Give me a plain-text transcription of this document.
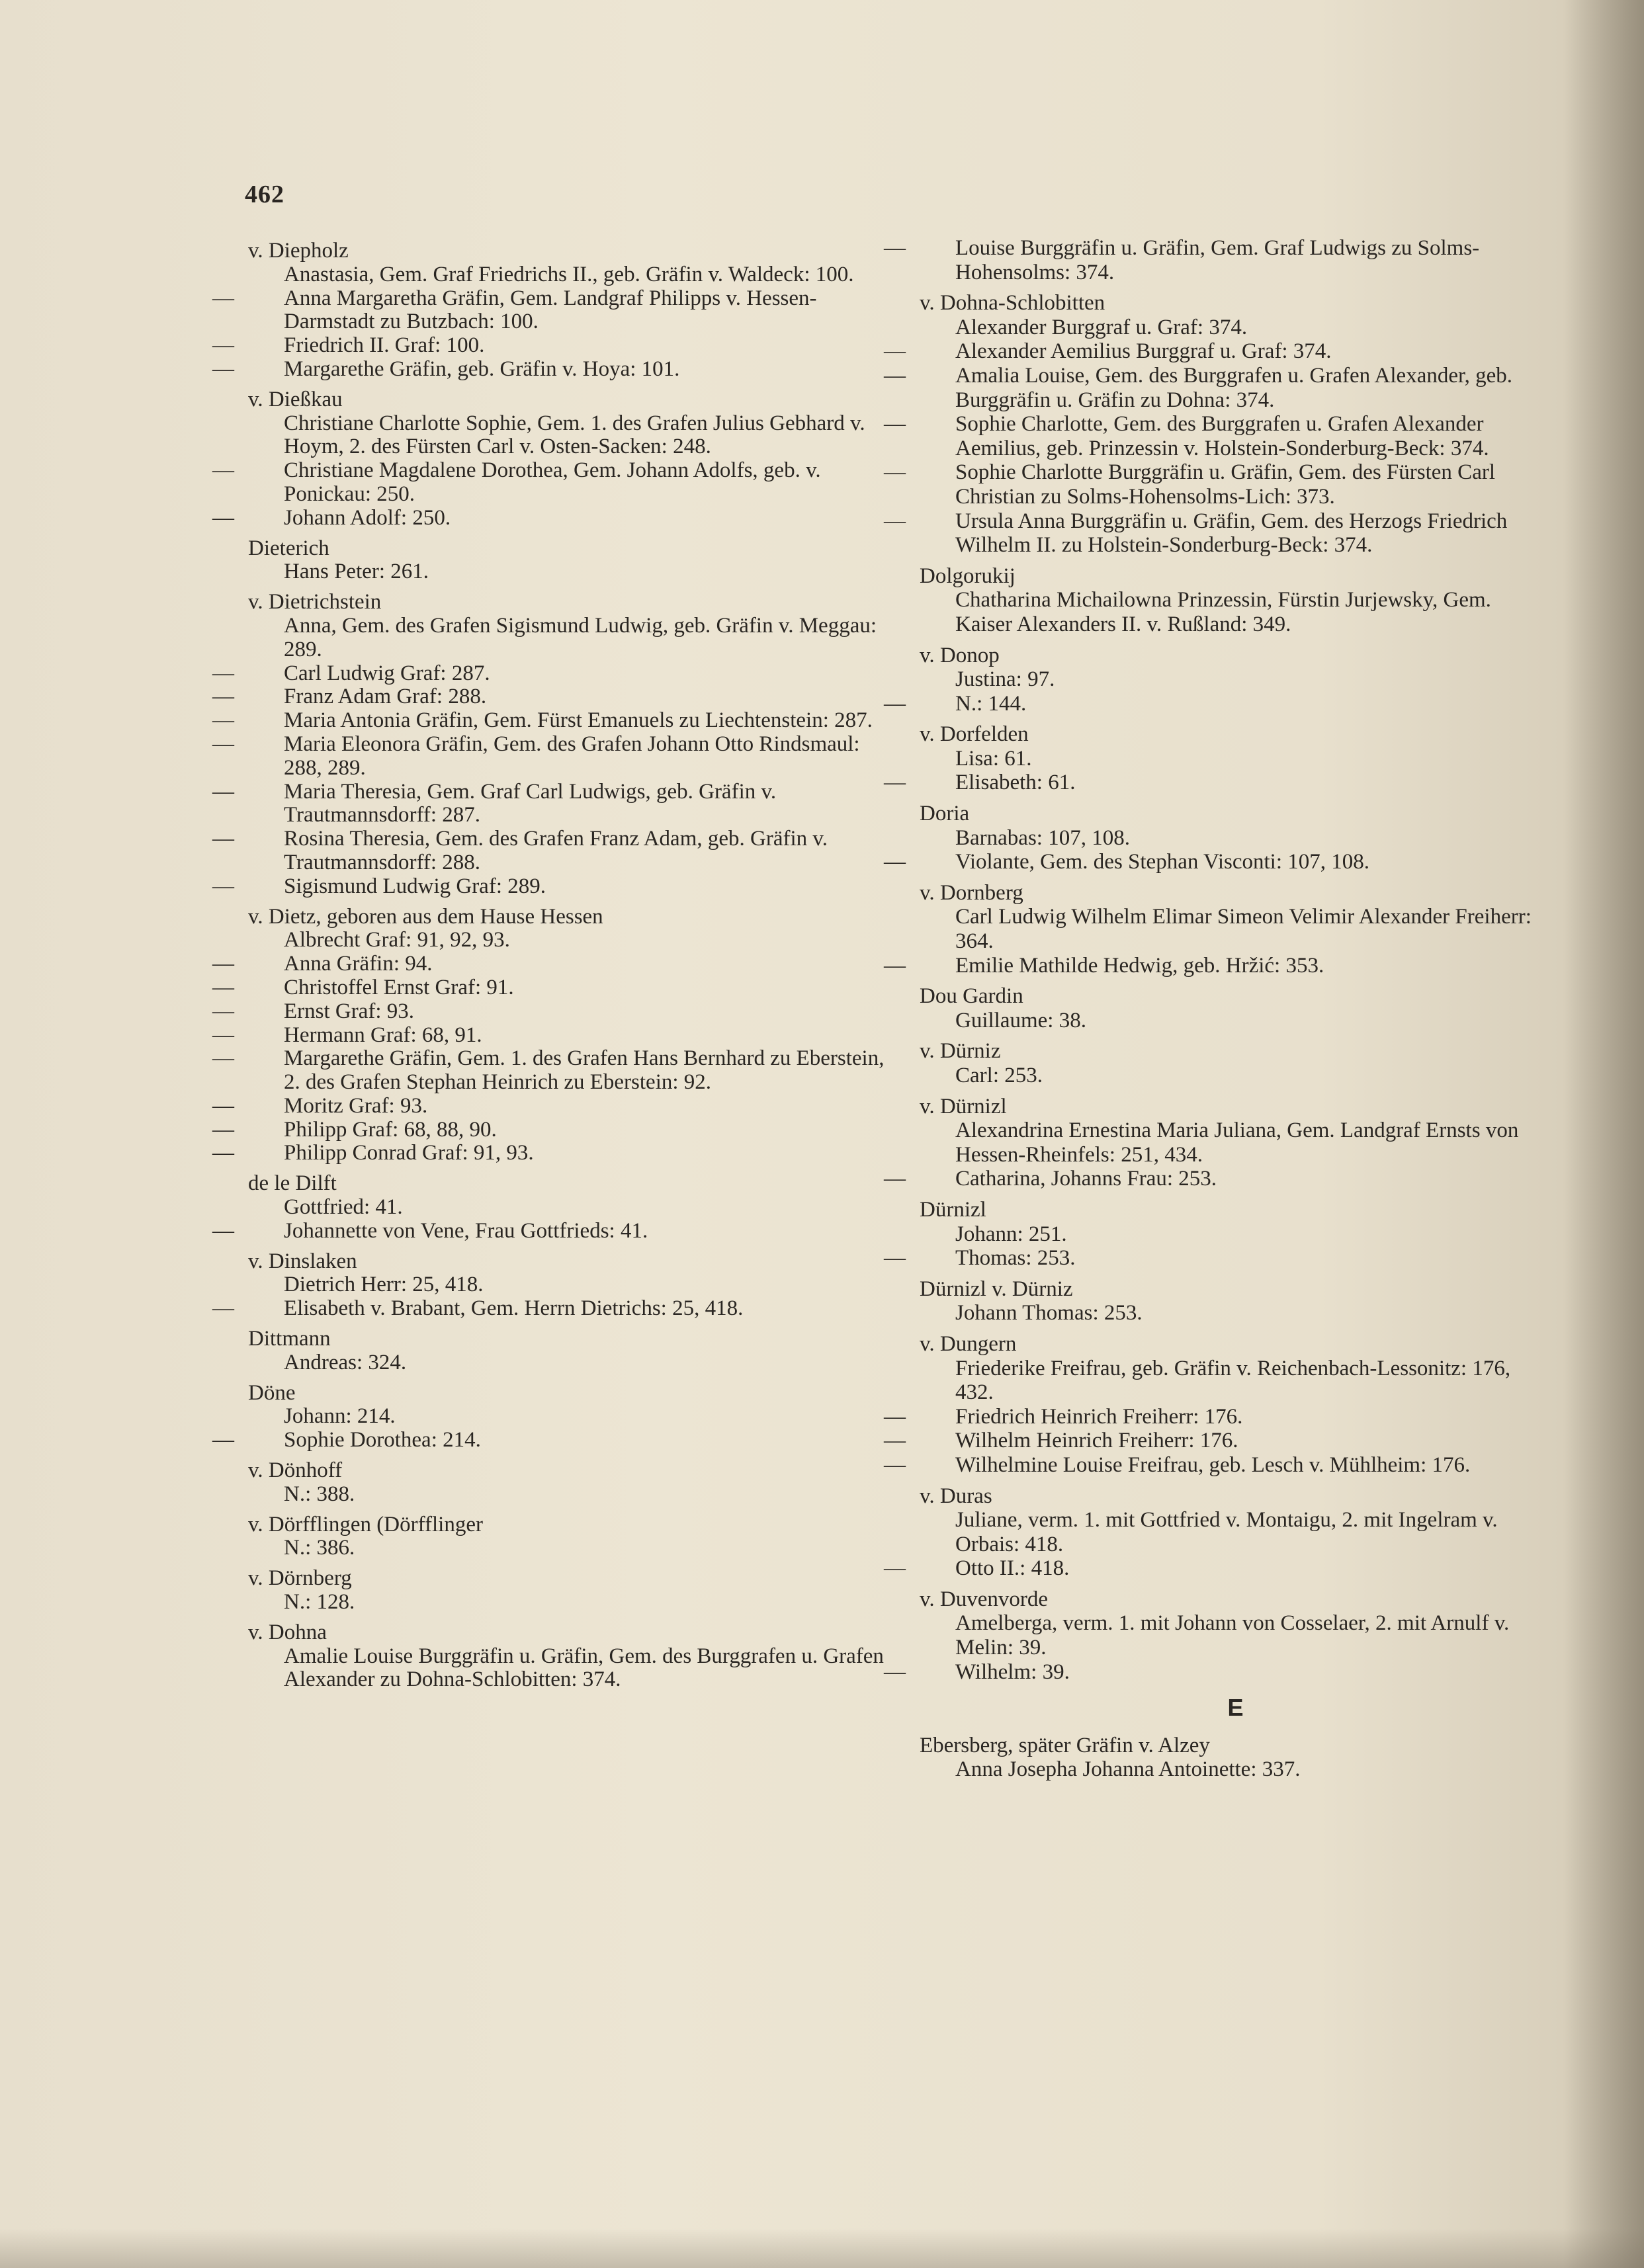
462
v. Diepholz
Anastasia, Gem. Graf Friedrichs II., geb. Gräfin v. Waldeck: 100.
— Anna Margaretha Gräfin, Gem. Landgraf Philipps v. Hessen-Darmstadt zu Butzbach: 100.
— Friedrich II. Graf: 100.
— Margarethe Gräfin, geb. Gräfin v. Hoya: 101.
v. Dießkau
Christiane Charlotte Sophie, Gem. 1. des Grafen Julius Gebhard v. Hoym, 2. des Fürsten Carl v. Osten-Sacken: 248.
— Christiane Magdalene Dorothea, Gem. Johann Adolfs, geb. v. Ponickau: 250.
— Johann Adolf: 250.
Dieterich
Hans Peter: 261.
v. Dietrichstein
Anna, Gem. des Grafen Sigismund Ludwig, geb. Gräfin v. Meggau: 289.
— Carl Ludwig Graf: 287.
— Franz Adam Graf: 288.
— Maria Antonia Gräfin, Gem. Fürst Emanuels zu Liechtenstein: 287.
— Maria Eleonora Gräfin, Gem. des Grafen Johann Otto Rindsmaul: 288, 289.
— Maria Theresia, Gem. Graf Carl Ludwigs, geb. Gräfin v. Trautmannsdorff: 287.
— Rosina Theresia, Gem. des Grafen Franz Adam, geb. Gräfin v. Trautmannsdorff: 288.
— Sigismund Ludwig Graf: 289.
v. Dietz, geboren aus dem Hause Hessen
Albrecht Graf: 91, 92, 93.
— Anna Gräfin: 94.
— Christoffel Ernst Graf: 91.
— Ernst Graf: 93.
— Hermann Graf: 68, 91.
— Margarethe Gräfin, Gem. 1. des Grafen Hans Bernhard zu Eberstein, 2. des Grafen Stephan Heinrich zu Eberstein: 92.
— Moritz Graf: 93.
— Philipp Graf: 68, 88, 90.
— Philipp Conrad Graf: 91, 93.
de le Dilft
Gottfried: 41.
— Johannette von Vene, Frau Gottfrieds: 41.
v. Dinslaken
Dietrich Herr: 25, 418.
— Elisabeth v. Brabant, Gem. Herrn Dietrichs: 25, 418.
Dittmann
Andreas: 324.
Döne
Johann: 214.
— Sophie Dorothea: 214.
v. Dönhoff
N.: 388.
v. Dörfflingen (Dörfflinger
N.: 386.
v. Dörnberg
N.: 128.
v. Dohna
Amalie Louise Burggräfin u. Gräfin, Gem. des Burggrafen u. Grafen Alexander zu Dohna-Schlobitten: 374.
— Louise Burggräfin u. Gräfin, Gem. Graf Ludwigs zu Solms-Hohensolms: 374.
v. Dohna-Schlobitten
Alexander Burggraf u. Graf: 374.
— Alexander Aemilius Burggraf u. Graf: 374.
— Amalia Louise, Gem. des Burggrafen u. Grafen Alexander, geb. Burggräfin u. Gräfin zu Dohna: 374.
— Sophie Charlotte, Gem. des Burggrafen u. Grafen Alexander Aemilius, geb. Prinzessin v. Holstein-Sonderburg-Beck: 374.
— Sophie Charlotte Burggräfin u. Gräfin, Gem. des Fürsten Carl Christian zu Solms-Hohensolms-Lich: 373.
— Ursula Anna Burggräfin u. Gräfin, Gem. des Herzogs Friedrich Wilhelm II. zu Holstein-Sonderburg-Beck: 374.
Dolgorukij
Chatharina Michailowna Prinzessin, Fürstin Jurjewsky, Gem. Kaiser Alexanders II. v. Rußland: 349.
v. Donop
Justina: 97.
— N.: 144.
v. Dorfelden
Lisa: 61.
— Elisabeth: 61.
Doria
Barnabas: 107, 108.
— Violante, Gem. des Stephan Visconti: 107, 108.
v. Dornberg
Carl Ludwig Wilhelm Elimar Simeon Velimir Alexander Freiherr: 364.
— Emilie Mathilde Hedwig, geb. Hržić: 353.
Dou Gardin
Guillaume: 38.
v. Dürniz
Carl: 253.
v. Dürnizl
Alexandrina Ernestina Maria Juliana, Gem. Landgraf Ernsts von Hessen-Rheinfels: 251, 434.
— Catharina, Johanns Frau: 253.
Dürnizl
Johann: 251.
— Thomas: 253.
Dürnizl v. Dürniz
Johann Thomas: 253.
v. Dungern
Friederike Freifrau, geb. Gräfin v. Reichenbach-Lessonitz: 176, 432.
— Friedrich Heinrich Freiherr: 176.
— Wilhelm Heinrich Freiherr: 176.
— Wilhelmine Louise Freifrau, geb. Lesch v. Mühlheim: 176.
v. Duras
Juliane, verm. 1. mit Gottfried v. Montaigu, 2. mit Ingelram v. Orbais: 418.
— Otto II.: 418.
v. Duvenvorde
Amelberga, verm. 1. mit Johann von Cosselaer, 2. mit Arnulf v. Melin: 39.
— Wilhelm: 39.
E
Ebersberg, später Gräfin v. Alzey
Anna Josepha Johanna Antoinette: 337.
